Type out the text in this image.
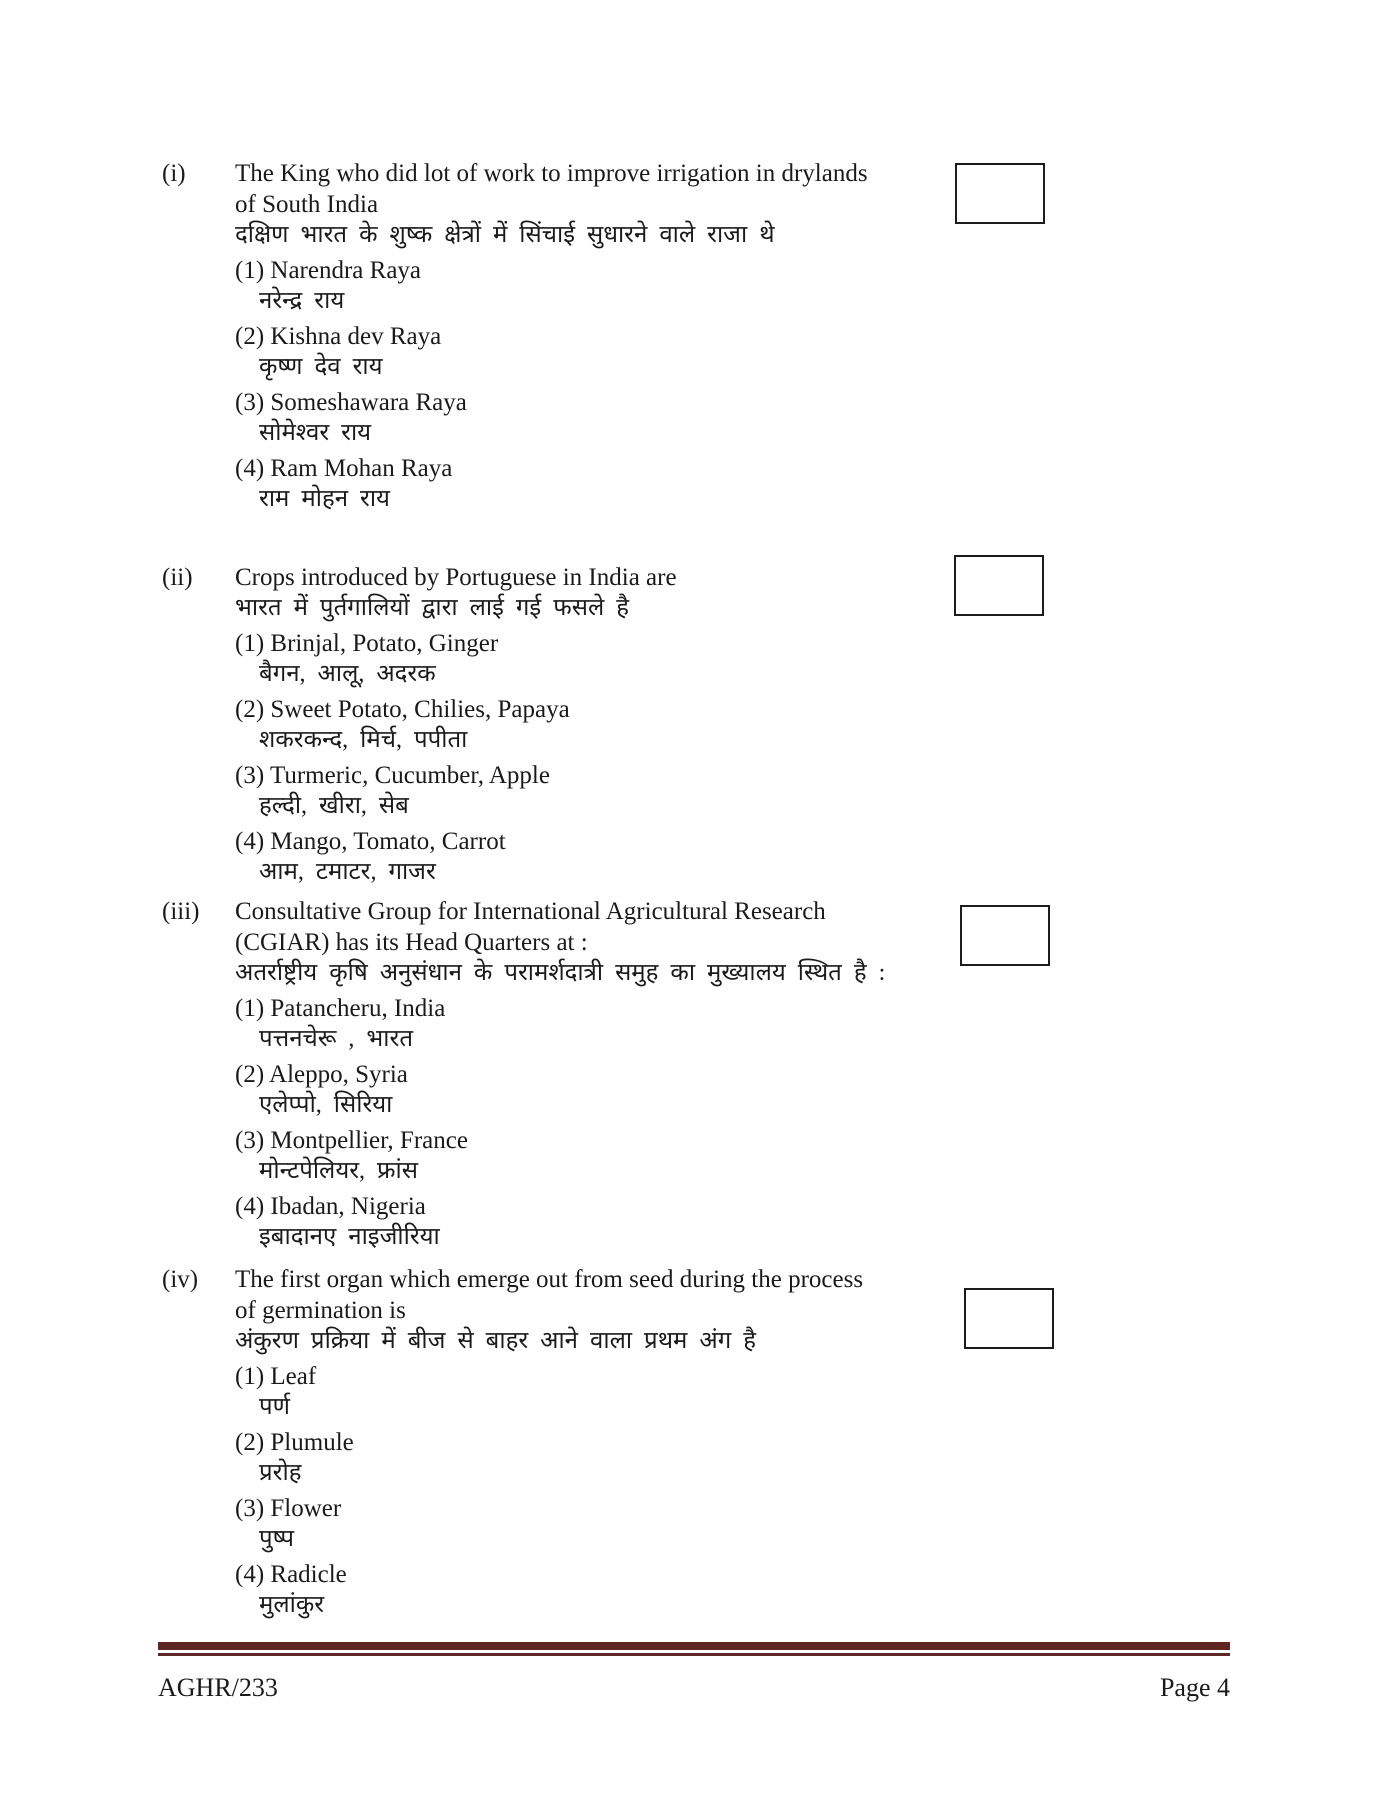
(i) The King who did lot of work to improve irrigation in drylands
of South India
दक्षिण भारत के शुष्क क्षेत्रों में सिंचाई सुधारने वाले राजा थे
(1) Narendra Raya
नरेन्द्र राय
(2) Kishna dev Raya
कृष्ण देव राय
(3) Someshawara Raya
सोमेश्वर राय
(4) Ram Mohan Raya
राम मोहन राय
(ii) Crops introduced by Portuguese in India are
भारत में पुर्तगालियों द्वारा लाई गई फसले है
(1) Brinjal, Potato, Ginger
बैगन, आलू, अदरक
(2) Sweet Potato, Chilies, Papaya
शकरकन्द, मिर्च, पपीता
(3) Turmeric, Cucumber, Apple
हल्दी, खीरा, सेब
(4) Mango, Tomato, Carrot
आम, टमाटर, गाजर
(iii) Consultative Group for International Agricultural Research
(CGIAR) has its Head Quarters at :
अतर्राष्ट्रीय कृषि अनुसंधान के परामर्शदात्री समुह का मुख्यालय स्थित है :
(1) Patancheru, India
पत्तनचेरू , भारत
(2) Aleppo, Syria
एलेप्पो, सिरिया
(3) Montpellier, France
मोन्टपेलियर, फ्रांस
(4) Ibadan, Nigeria
इबादानए नाइजीरिया
(iv) The first organ which emerge out from seed during the process
of germination is
अंकुरण प्रक्रिया में बीज से बाहर आने वाला प्रथम अंग है
(1) Leaf
पर्ण
(2) Plumule
प्ररोह
(3) Flower
पुष्प
(4) Radicle
मुलांकुर
AGHR/233	Page 4
